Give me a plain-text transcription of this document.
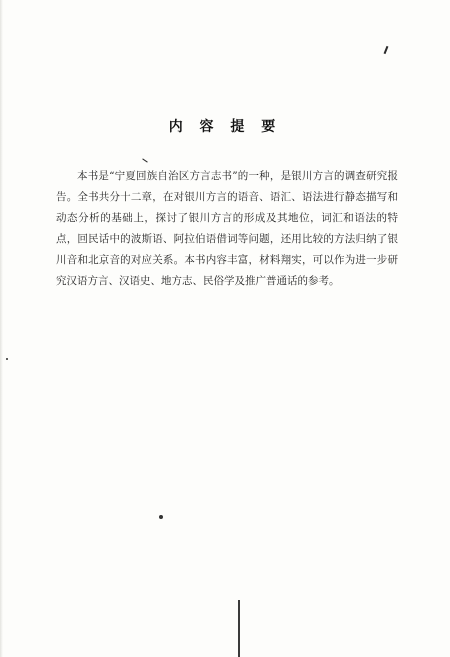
内 容 提 要

本书是“宁夏回族自治区方言志书”的一种，是银川方言的调查研究报告。全书共分十二章，在对银川方言的语音、语汇、语法进行静态描写和动态分析的基础上，探讨了银川方言的形成及其地位，词汇和语法的特点，回民话中的波斯语、阿拉伯语借词等问题，还用比较的方法归纳了银川音和北京音的对应关系。本书内容丰富，材料翔实，可以作为进一步研究汉语方言、汉语史、地方志、民俗学及推广普通话的参考。
